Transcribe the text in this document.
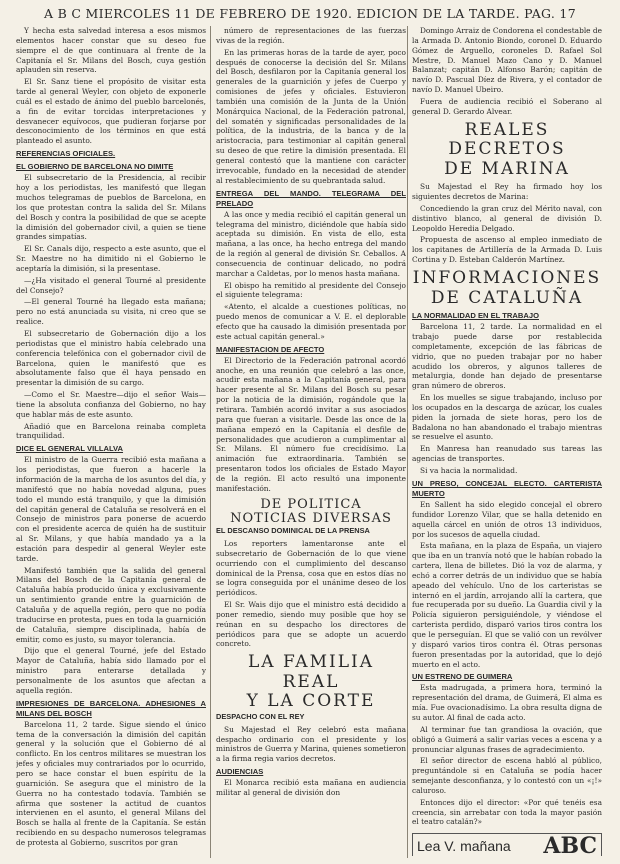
A B C MIERCOLES 11 DE FEBRERO DE 1920. EDICION DE LA TARDE. PAG. 17

Y hecha esta salvedad interesa a esos mismos elementos hacer constar que su deseo fue siempre el de que continuara al frente de la Capitanía el Sr. Milans del Bosch, cuya gestión aplauden sin reserva.

El Sr. Sanz tiene el propósito de visitar esta tarde al general Weyler, con objeto de exponerle cuál es el estado de ánimo del pueblo barcelonés, a fin de evitar torcidas interpretaciones y desvanecer equívocos, que pudieran forjarse por desconocimiento de los términos en que está planteado el asunto.

REFERENCIAS OFICIALES.
EL GOBIERNO DE BARCELONA NO DIMITE

El subsecretario de la Presidencia, al recibir hoy a los periodistas, les manifestó que llegan muchos telegramas de pueblos de Barcelona, en los que protestan contra la salida del Sr. Milans del Bosch y contra la posibilidad de que se acepte la dimisión del gobernador civil, a quien se tiene grandes simpatías.

El Sr. Canals dijo, respecto a este asunto, que el Sr. Maestre no ha dimitido ni el Gobierno le aceptaría la dimisión, si la presentase.

—¿Ha visitado el general Tourné al presidente del Consejo?

—El general Tourné ha llegado esta mañana; pero no está anunciada su visita, ni creo que se realice.

El subsecretario de Gobernación dijo a los periodistas que el ministro había celebrado una conferencia telefónica con el gobernador civil de Barcelona, quien le manifestó que es absolutamente falso que él haya pensado en presentar la dimisión de su cargo.

—Como el Sr. Maestre—dijo el señor Wais—tiene la absoluta confianza del Gobierno, no hay que hablar más de este asunto.

Añadió que en Barcelona reinaba completa tranquilidad.

DICE EL GENERAL VILLALVA

El ministro de la Guerra recibió esta mañana a los periodistas, que fueron a hacerle la información de la marcha de los asuntos del día, y manifestó que no había novedad alguna, pues todo el mundo está tranquilo, y que la dimisión del capitán general de Cataluña se resolverá en el Consejo de ministros para ponerse de acuerdo con el presidente acerca de quién ha de sustituir al Sr. Milans, y que había mandado ya a la estación para despedir al general Weyler este tarde.

Manifestó también que la salida del general Milans del Bosch de la Capitanía general de Cataluña había producido única y exclusivamente un sentimiento grande entre la guarnición de Cataluña y de aquella región, pero que no podía traducirse en protesta, pues en toda la guarnición de Cataluña, siempre disciplinada, había de emitir, como es justo, su mayor tolerancia.

Dijo que el general Tourné, jefe del Estado Mayor de Cataluña, había sido llamado por el ministro para enterarse detallada y personalmente de los asuntos que afectan a aquella región.

IMPRESIONES DE BARCELONA. ADHESIONES A MILANS DEL BOSCH

Barcelona 11, 2 tarde. Sigue siendo el único tema de la conversación la dimisión del capitán general y la solución que el Gobierno dé al conflicto. En los centros militares se muestran los jefes y oficiales muy contrariados por lo ocurrido, pero se hace constar el buen espíritu de la guarnición. Se asegura que el ministro de la Guerra no ha contestado todavía. También se afirma que sostener la actitud de cuantos intervienen en el asunto, el general Milans del Bosch se halla al frente de la Capitanía. Se están recibiendo en su despacho numerosos telegramas de protesta al Gobierno, suscritos por gran

número de representaciones de las fuerzas vivas de la región.

En las primeras horas de la tarde de ayer, poco después de conocerse la decisión del Sr. Milans del Bosch, desfilaron por la Capitanía general los generales de la guarnición y jefes de Cuerpo y comisiones de jefes y oficiales. Estuvieron también una comisión de la Junta de la Unión Monárquica Nacional, de la Federación patronal, del somatén y significadas personalidades de la política, de la industria, de la banca y de la aristocracia, para testimoniar al capitán general su deseo de que retire la dimisión presentada. El general contestó que la mantiene con carácter irrevocable, fundado en la necesidad de atender al restablecimiento de su quebrantada salud.

ENTREGA DEL MANDO. TELEGRAMA DEL PRELADO

A las once y media recibió el capitán general un telegrama del ministro, diciéndole que había sido aceptada su dimisión. En vista de ello, esta mañana, a las once, ha hecho entrega del mando de la región al general de división Sr. Ceballos. A consecuencia de continuar delicado, no podrá marchar a Caldetas, por lo menos hasta mañana.

El obispo ha remitido al presidente del Consejo el siguiente telegrama:

«Atento, el alcalde a cuestiones políticas, no puedo menos de comunicar a V. E. el deplorable efecto que ha causado la dimisión presentada por este actual capitán general.»

MANIFESTACION DE AFECTO

El Directorio de la Federación patronal acordó anoche, en una reunión que celebró a las once, acudir esta mañana a la Capitanía general, para hacer presente al Sr. Milans del Bosch su pesar por la noticia de la dimisión, rogándole que la retirara. También acordó invitar a sus asociados para que fueran a visitarle. Desde las once de la mañana empezó en la Capitanía el desfile de personalidades que acudieron a cumplimentar al Sr. Milans. El número fue crecidísimo. La animación fue extraordinaria. También se presentaron todos los oficiales de Estado Mayor de la región. El acto resultó una imponente manifestación.

DE POLITICA
NOTICIAS DIVERSAS
EL DESCANSO DOMINICAL DE LA PRENSA

Los reporters lamentaronse ante el subsecretario de Gobernación de lo que viene ocurriendo con el cumplimiento del descanso dominical de la Prensa, cosa que en estos días no se logra conseguida por el unánime deseo de los periódicos.

El Sr. Wais dijo que el ministro está decidido a poner remedio, siendo muy posible que hoy se reúnan en su despacho los directores de periódicos para que se adopte un acuerdo concreto.

LA FAMILIA REAL
Y LA CORTE
DESPACHO CON EL REY

Su Majestad el Rey celebró esta mañana despacho ordinario con el presidente y los ministros de Guerra y Marina, quienes sometieron a la firma regia varios decretos.

AUDIENCIAS

El Monarca recibió esta mañana en audiencia militar al general de división don

Domingo Arraiz de Condorena el condestable de la Armada D. Antonio Biondo, coronel D. Eduardo Gómez de Arguello, coroneles D. Rafael Sol Mestre, D. Manuel Mazo Cano y D. Manuel Balanzat; capitán D. Alfonso Barón; capitán de navío D. Pascual Díez de Rivera, y el contador de navío D. Manuel Ubeiro.

Fuera de audiencia recibió el Soberano al general D. Gerardo Alvear.

REALES DECRETOS
DE MARINA

Su Majestad el Rey ha firmado hoy los siguientes decretos de Marina:

Concediendo la gran cruz del Mérito naval, con distintivo blanco, al general de división D. Leopoldo Heredia Delgado.

Propuesta de ascenso al empleo inmediato de los capitanes de Artillería de la Armada D. Luis Cortina y D. Esteban Calderón Martínez.

INFORMACIONES
DE CATALUÑA
LA NORMALIDAD EN EL TRABAJO

Barcelona 11, 2 tarde. La normalidad en el trabajo puede darse por restablecida completamente, excepción de las fábricas de vidrio, que no pueden trabajar por no haber acudido los obreros, y algunos talleres de metalurgia, donde han dejado de presentarse gran número de obreros.

En los muelles se sigue trabajando, incluso por los ocupados en la descarga de azúcar, los cuales piden la jornada de siete horas, pero los de Badalona no han abandonado el trabajo mientras se resuelve el asunto.

En Manresa han reanudado sus tareas las agencias de transportes.

Si va hacia la normalidad.

UN PRESO, CONCEJAL ELECTO. CARTERISTA MUERTO

En Sallent ha sido elegido concejal el obrero fundidor Lorenzo Vilar, que se halla detenido en aquella cárcel en unión de otros 13 individuos, por los sucesos de aquella ciudad.

Esta mañana, en la plaza de España, un viajero que iba en un tranvía notó que le habían robado la cartera, llena de billetes. Dió la voz de alarma, y echó a correr detrás de un individuo que se había apeado del vehículo. Uno de los carteristas se internó en el jardín, arrojando allí la cartera, que fue recuperada por su dueño. La Guardia civil y la Policía siguieron persiguiéndole, y viéndose el carterista perdido, disparó varios tiros contra los que le perseguían. El que se valió con un revólver y disparó varios tiros contra él. Otras personas fueron presentadas por la autoridad, que lo dejó muerto en el acto.

UN ESTRENO DE GUIMERA

Esta madrugada, a primera hora, terminó la representación del drama, de Guimerá, El alma es mía. Fue ovacionadísimo. La obra resulta digna de su autor. Al final de cada acto.

Al terminar fue tan grandiosa la ovación, que obligó a Guimerá a salir varias veces a escena y a pronunciar algunas frases de agradecimiento.

El señor director de escena habló al público, preguntándole si en Cataluña se podía hacer semejante desconfianza, y lo contestó con un «¡!» caluroso.

Entonces dijo el director: «Por qué tenéis esa creencia, sin arrebatar con toda la mayor pasión el teatro catalán?»

Lea V. mañana ABC
